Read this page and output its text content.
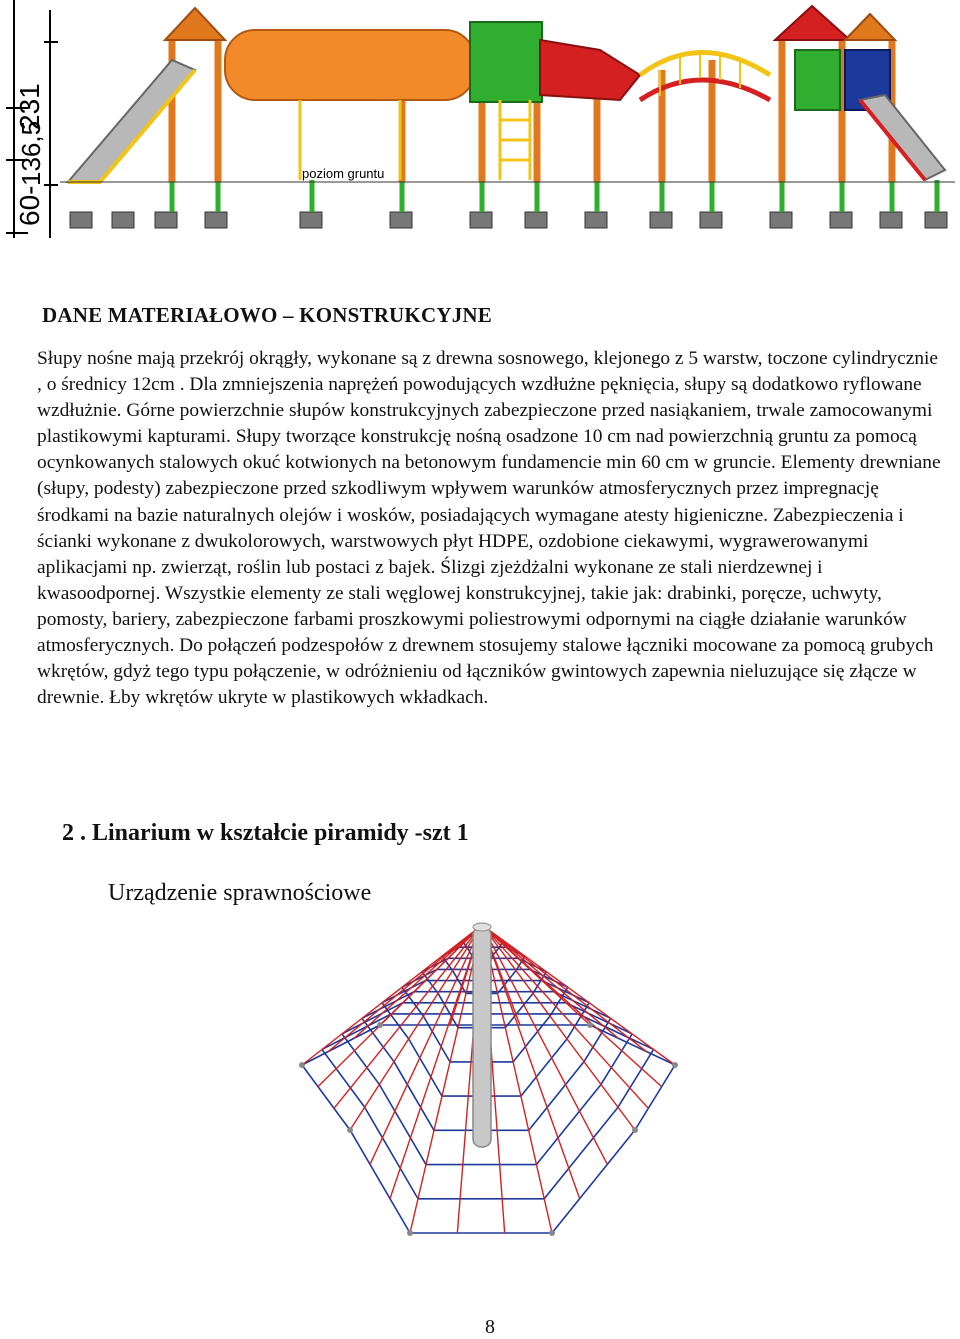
60-
231
136,5	poziom gruntu
DANE MATERIAŁOWO – KONSTRUKCYJNE

Słupy nośne mają przekrój okrągły, wykonane są z drewna sosnowego, klejonego z 5 warstw, toczone cylindrycznie , o średnicy 12cm . Dla zmniejszenia naprężeń powodujących wzdłużne pęknięcia, słupy są dodatkowo ryflowane wzdłużnie. Górne powierzchnie słupów konstrukcyjnych zabezpieczone przed nasiąkaniem, trwale zamocowanymi plastikowymi kapturami. Słupy tworzące konstrukcję nośną osadzone 10 cm nad powierzchnią gruntu za pomocą ocynkowanych stalowych okuć kotwionych na betonowym fundamencie min 60 cm w gruncie. Elementy drewniane (słupy, podesty) zabezpieczone przed szkodliwym wpływem warunków atmosferycznych przez impregnację środkami na bazie naturalnych olejów i wosków, posiadających wymagane atesty higieniczne. Zabezpieczenia i ścianki wykonane z dwukolorowych, warstwowych płyt HDPE, ozdobione ciekawymi, wygrawerowanymi aplikacjami np. zwierząt, roślin lub postaci z bajek. Ślizgi zjeżdżalni wykonane ze stali nierdzewnej i kwasoodpornej. Wszystkie elementy ze stali węglowej konstrukcyjnej, takie jak: drabinki, poręcze, uchwyty, pomosty, bariery, zabezpieczone farbami proszkowymi poliestrowymi odpornymi na ciągłe działanie warunków atmosferycznych. Do połączeń podzespołów z drewnem stosujemy stalowe łączniki mocowane za pomocą grubych wkrętów, gdyż tego typu połączenie, w odróżnieniu od łączników gwintowych zapewnia nieluzujące się złącze w drewnie. Łby wkrętów ukryte w plastikowych wkładkach.

2 . Linarium w kształcie piramidy -szt 1

Urządzenie sprawnościowe

8
